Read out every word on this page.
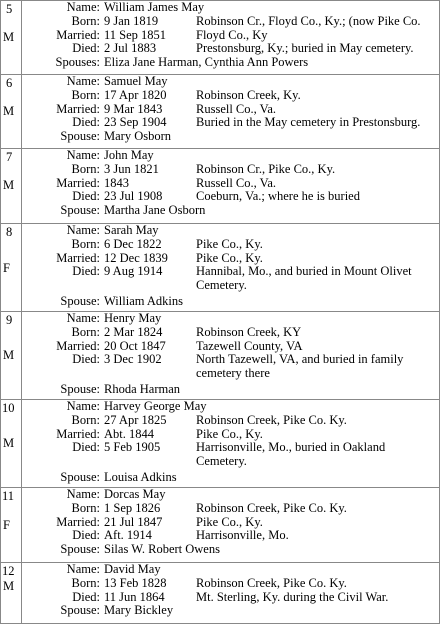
5
M
Name: William James May
Born: 9 Jan 1819	Robinson Cr., Floyd Co., Ky.; (now Pike Co.
Married: 11 Sep 1851	Floyd Co., Ky
Died: 2 Jul 1883	Prestonsburg, Ky.; buried in May cemetery.
Spouses: Eliza Jane Harman, Cynthia Ann Powers
6
M
Name: Samuel May
Born: 17 Apr 1820	Robinson Creek, Ky.
Married: 9 Mar 1843	Russell Co., Va.
Died: 23 Sep 1904	Buried in the May cemetery in Prestonsburg.
Spouse: Mary Osborn
7
M
Name: John May
Born: 3 Jun 1821	Robinson Cr., Pike Co., Ky.
Married: 1843	Russell Co., Va.
Died: 23 Jul 1908	Coeburn, Va.; where he is buried
Spouse: Martha Jane Osborn
8
F
Name: Sarah May
Born: 6 Dec 1822	Pike Co., Ky.
Married: 12 Dec 1839	Pike Co., Ky.
Died: 9 Aug 1914	Hannibal, Mo., and buried in Mount Olivet
Cemetery.
Spouse: William Adkins
9
M
Name: Henry May
Born: 2 Mar 1824	Robinson Creek, KY
Married: 20 Oct 1847	Tazewell County, VA
Died: 3 Dec 1902	North Tazewell, VA, and buried in family
cemetery there
Spouse: Rhoda Harman
10
M
Name: Harvey George May
Born: 27 Apr 1825	Robinson Creek, Pike Co. Ky.
Married: Abt. 1844	Pike Co., Ky.
Died: 5 Feb 1905	Harrisonville, Mo., buried in Oakland
Cemetery.
Spouse: Louisa Adkins
11
F
Name: Dorcas May
Born: 1 Sep 1826	Robinson Creek, Pike Co. Ky.
Married: 21 Jul 1847	Pike Co., Ky.
Died: Aft. 1914	Harrisonville, Mo.
Spouse: Silas W. Robert Owens
12
M
Name: David May
Born: 13 Feb 1828	Robinson Creek, Pike Co. Ky.
Died: 11 Jun 1864	Mt. Sterling, Ky. during the Civil War.
Spouse: Mary Bickley
